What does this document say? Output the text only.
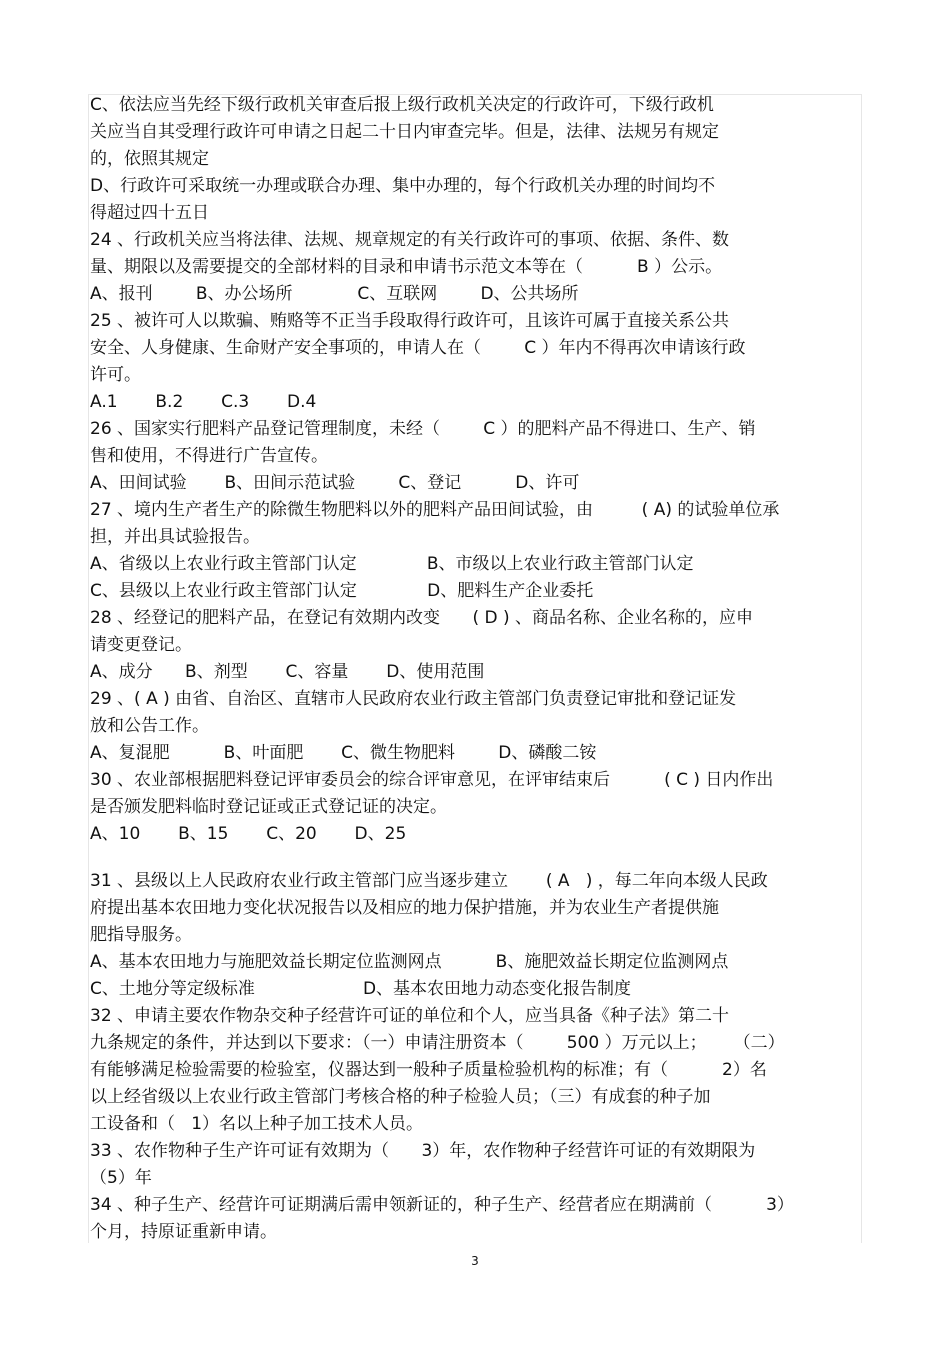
C、依法应当先经下级行政机关审查后报上级行政机关决定的行政许可，下级行政机
关应当自其受理行政许可申请之日起二十日内审查完毕。但是，法律、法规另有规定
的，依照其规定
D、行政许可采取统一办理或联合办理、集中办理的，每个行政机关办理的时间均不
得超过四十五日
24 、行政机关应当将法律、法规、规章规定的有关行政许可的事项、依据、条件、数
量、期限以及需要提交的全部材料的目录和申请书示范文本等在（          B ）公示。
A、报刊        B、办公场所            C、互联网        D、公共场所
25 、被许可人以欺骗、贿赂等不正当手段取得行政许可，且该许可属于直接关系公共
安全、人身健康、生命财产安全事项的，申请人在（        C ）年内不得再次申请该行政
许可。
A.1       B.2       C.3       D.4
26 、国家实行肥料产品登记管理制度，未经（        C ）的肥料产品不得进口、生产、销
售和使用，不得进行广告宣传。
A、田间试验       B、田间示范试验        C、登记          D、许可
27 、境内生产者生产的除微生物肥料以外的肥料产品田间试验，由         ( A) 的试验单位承
担，并出具试验报告。
A、省级以上农业行政主管部门认定             B、市级以上农业行政主管部门认定
C、县级以上农业行政主管部门认定             D、肥料生产企业委托
28 、经登记的肥料产品，在登记有效期内改变      ( D ) 、商品名称、企业名称的，应申
请变更登记。
A、成分      B、剂型       C、容量       D、使用范围
29 、( A ) 由省、自治区、直辖市人民政府农业行政主管部门负责登记审批和登记证发
放和公告工作。
A、复混肥          B、叶面肥       C、微生物肥料        D、磷酸二铵
30 、农业部根据肥料登记评审委员会的综合评审意见，在评审结束后          ( C ) 日内作出
是否颁发肥料临时登记证或正式登记证的决定。
A、10       B、15       C、20       D、25
31 、县级以上人民政府农业行政主管部门应当逐步建立       ( A   ) ，每二年向本级人民政
府提出基本农田地力变化状况报告以及相应的地力保护措施，并为农业生产者提供施
肥指导服务。
A、基本农田地力与施肥效益长期定位监测网点          B、施肥效益长期定位监测网点
C、土地分等定级标准                    D、基本农田地力动态变化报告制度
32 、申请主要农作物杂交种子经营许可证的单位和个人，应当具备《种子法》第二十
九条规定的条件，并达到以下要求：（一）申请注册资本（        500 ）万元以上；     （二）
有能够满足检验需要的检验室，仪器达到一般种子质量检验机构的标准；有（          2）名
以上经省级以上农业行政主管部门考核合格的种子检验人员；（三）有成套的种子加
工设备和（   1）名以上种子加工技术人员。
33 、农作物种子生产许可证有效期为（      3）年，农作物种子经营许可证的有效期限为
（5）年
34 、种子生产、经营许可证期满后需申领新证的，种子生产、经营者应在期满前（          3）
个月，持原证重新申请。
3
